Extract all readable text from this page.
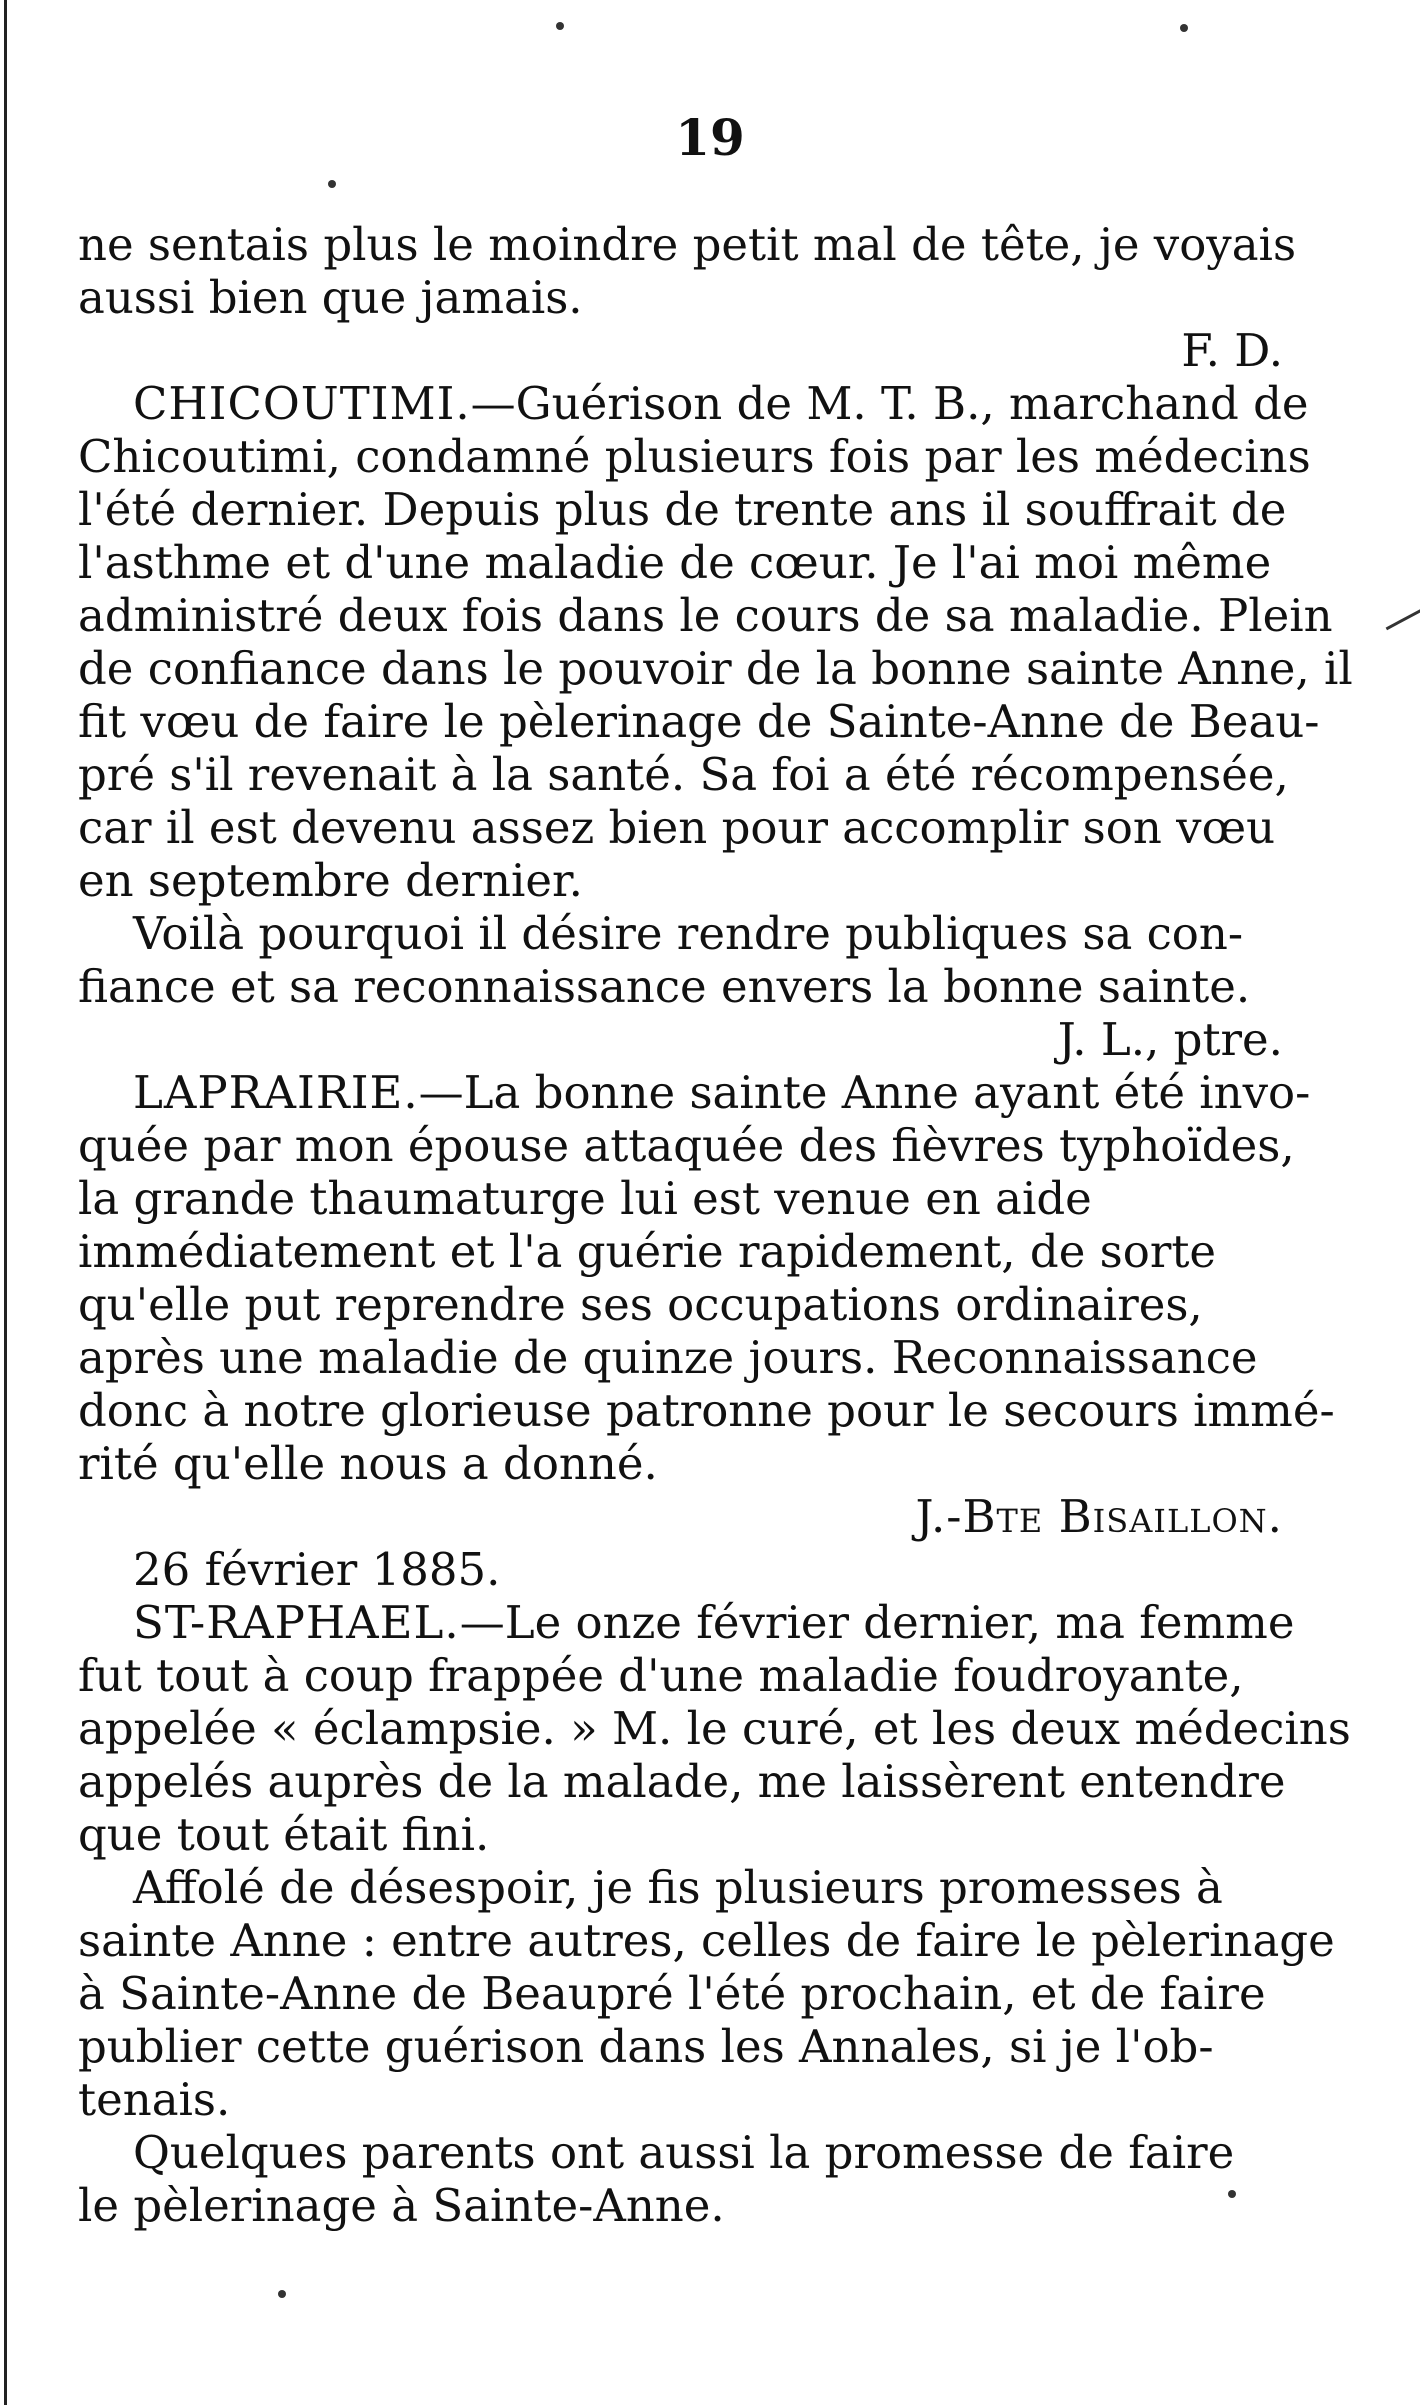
19
ne sentais plus le moindre petit mal de tête, je voyais
aussi bien que jamais.
F. D.
CHICOUTIMI.—Guérison de M. T. B., marchand de
Chicoutimi, condamné plusieurs fois par les médecins
l'été dernier. Depuis plus de trente ans il souffrait de
l'asthme et d'une maladie de cœur. Je l'ai moi même
administré deux fois dans le cours de sa maladie. Plein
de confiance dans le pouvoir de la bonne sainte Anne, il
fit vœu de faire le pèlerinage de Sainte-Anne de Beau-
pré s'il revenait à la santé. Sa foi a été récompensée,
car il est devenu assez bien pour accomplir son vœu
en septembre dernier.
Voilà pourquoi il désire rendre publiques sa con-
fiance et sa reconnaissance envers la bonne sainte.
J. L., ptre.
LAPRAIRIE.—La bonne sainte Anne ayant été invo-
quée par mon épouse attaquée des fièvres typhoïdes,
la grande thaumaturge lui est venue en aide
immédiatement et l'a guérie rapidement, de sorte
qu'elle put reprendre ses occupations ordinaires,
après une maladie de quinze jours. Reconnaissance
donc à notre glorieuse patronne pour le secours immé-
rité qu'elle nous a donné.
J.-Bte Bisaillon.
26 février 1885.
ST-RAPHAEL.—Le onze février dernier, ma femme
fut tout à coup frappée d'une maladie foudroyante,
appelée « éclampsie. » M. le curé, et les deux médecins
appelés auprès de la malade, me laissèrent entendre
que tout était fini.
Affolé de désespoir, je fis plusieurs promesses à
sainte Anne : entre autres, celles de faire le pèlerinage
à Sainte-Anne de Beaupré l'été prochain, et de faire
publier cette guérison dans les Annales, si je l'ob-
tenais.
Quelques parents ont aussi la promesse de faire
le pèlerinage à Sainte-Anne.
